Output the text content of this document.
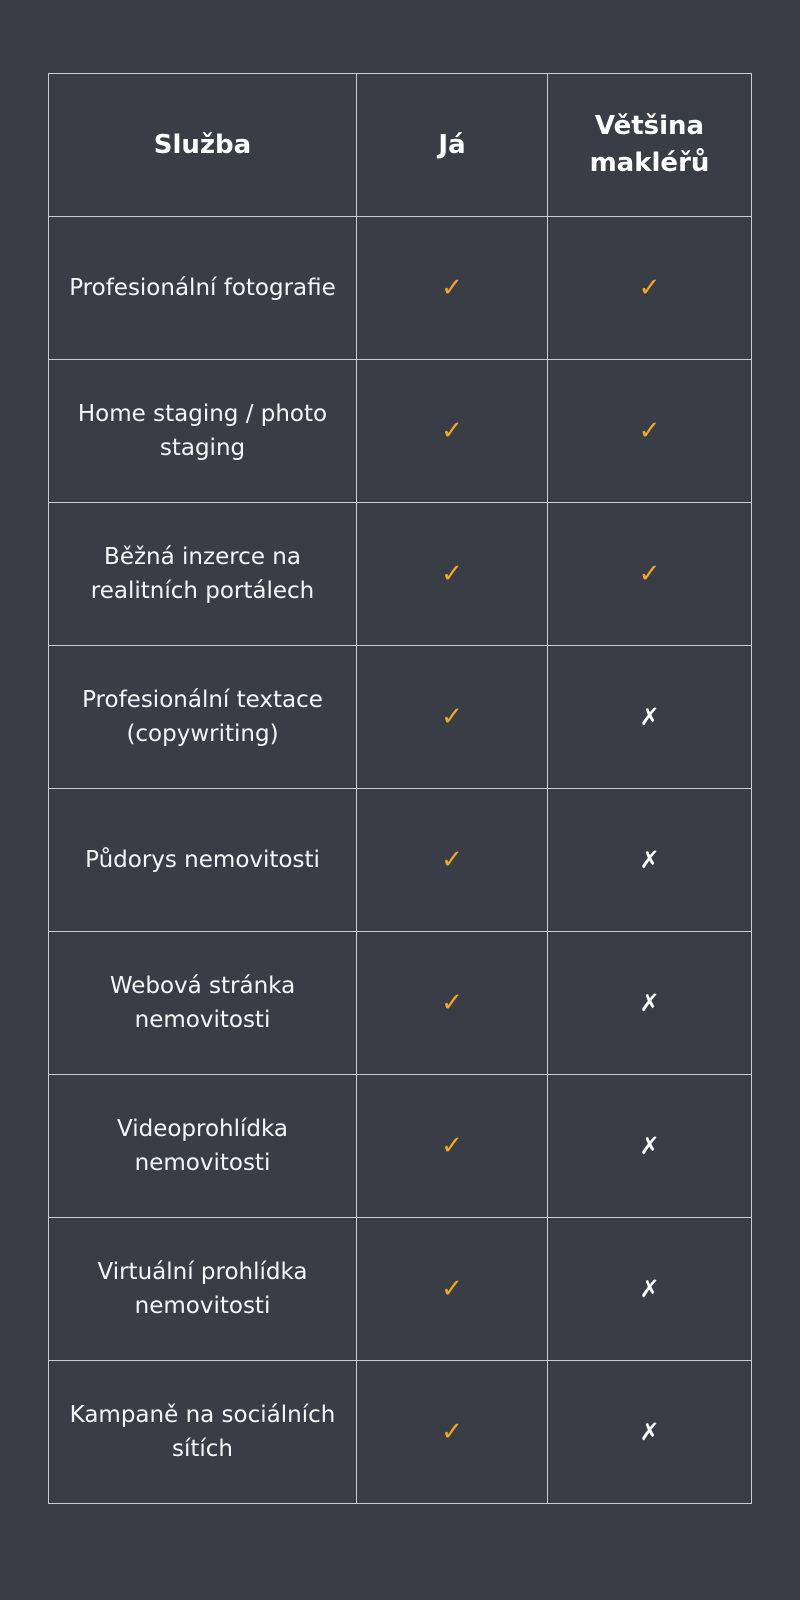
Služba	Já	Většina makléřů
Profesionální fotografie	✓	✓
Home staging / photo staging	✓	✓
Běžná inzerce na realitních portálech	✓	✓
Profesionální textace (copywriting)	✓	✗
Půdorys nemovitosti	✓	✗
Webová stránka nemovitosti	✓	✗
Videoprohlídka nemovitosti	✓	✗
Virtuální prohlídka nemovitosti	✓	✗
Kampaně na sociálních sítích	✓	✗
